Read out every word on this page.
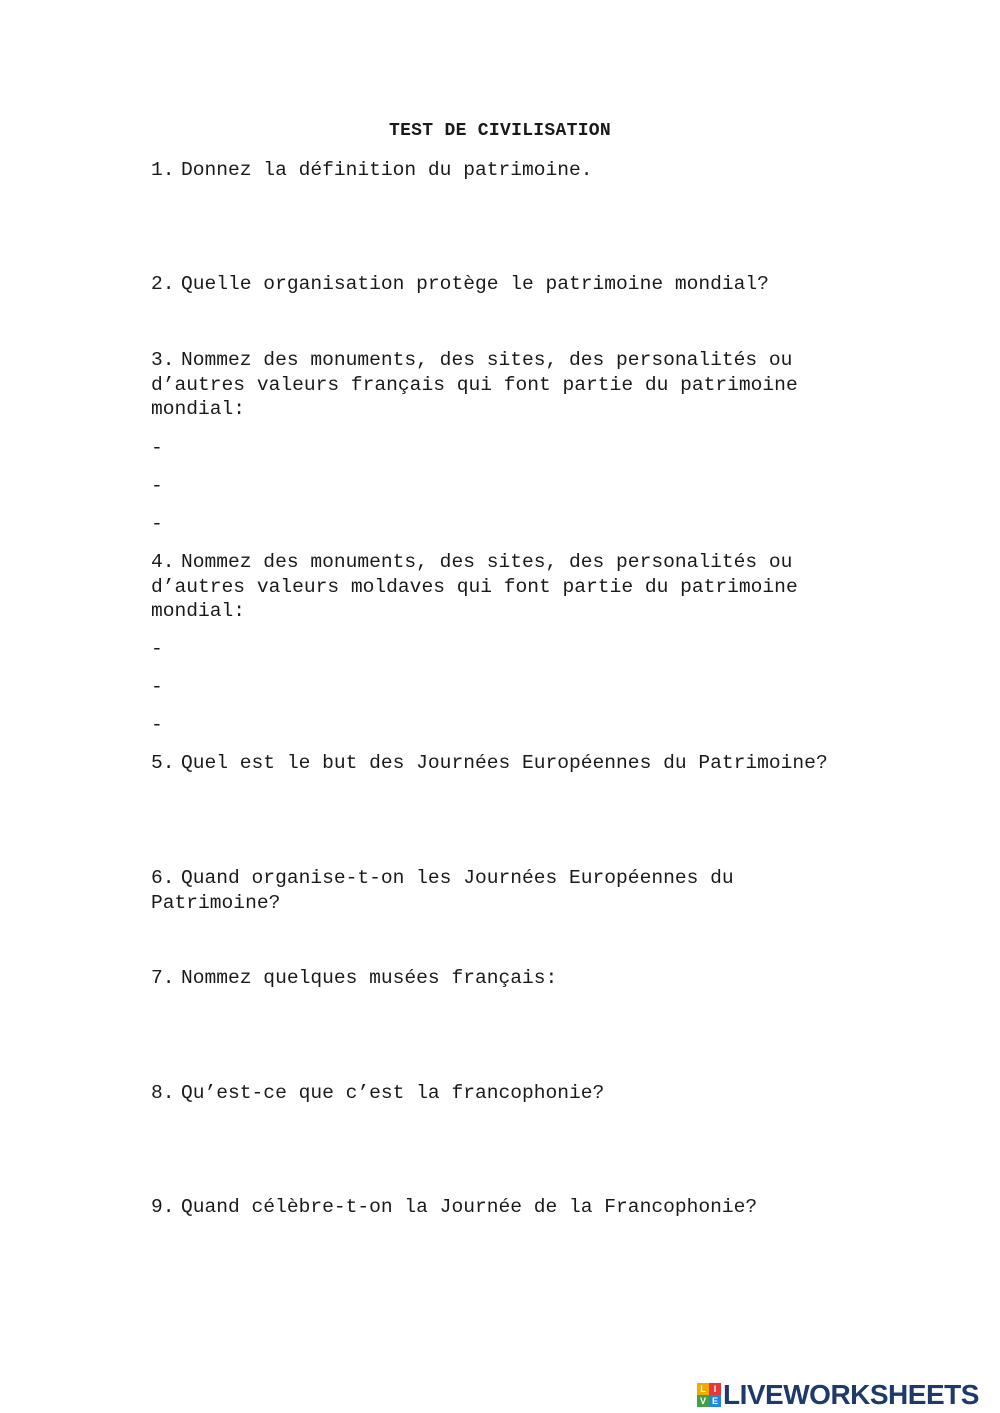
TEST DE CIVILISATION
1. Donnez la définition du patrimoine.
2. Quelle organisation protège le patrimoine mondial?
3. Nommez des monuments, des sites, des personalités ou d’autres valeurs français qui font partie du patrimoine mondial:
-
-
-
4. Nommez des monuments, des sites, des personalités ou d’autres valeurs moldaves qui font partie du patrimoine mondial:
-
-
-
5. Quel est le but des Journées Européennes du Patrimoine?
6. Quand organise-t-on les Journées Européennes du Patrimoine?
7. Nommez quelques musées français:
8. Qu’est-ce que c’est la francophonie?
9. Quand célèbre-t-on la Journée de la Francophonie?
L I
V E LIVEWORKSHEETS
